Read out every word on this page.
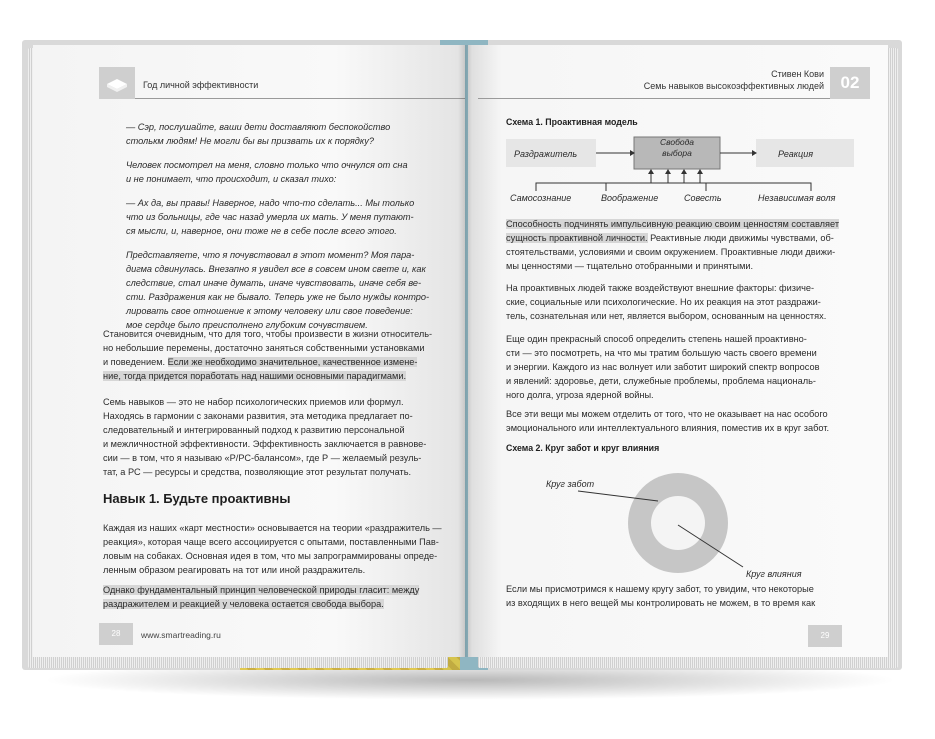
Год личной эффективности

— Сэр, послушайте, ваши дети доставляют беспокойство

столькм людям! Не могли бы вы призвать их к порядку?

Человек посмотрел на меня, словно только что очнулся от сна

и не понимает, что происходит, и сказал тихо:

— Ах да, вы правы! Наверное, надо что-то сделать... Мы только

что из больницы, где час назад умерла их мать. У меня путают-

ся мысли, и, наверное, они тоже не в себе после всего этого.

Представляете, что я почувствовал в этот момент? Моя пара-

дигма сдвинулась. Внезапно я увидел все в совсем ином свете и, как

следствие, стал иначе думать, иначе чувствовать, иначе себя ве-

сти. Раздражения как не бывало. Теперь уже не было нужды контро-

лировать свое отношение к этому человеку или свое поведение:

мое сердце было преисполнено глубоким сочувствием.

Становится очевидным, что для того, чтобы произвести в жизни относитель-

но небольшие перемены, достаточно заняться собственными установками

и поведением. Если же необходимо значительное, качественное измене-

ние, тогда придется поработать над нашими основными парадигмами.

Семь навыков — это не набор психологических приемов или формул.

Находясь в гармонии с законами развития, эта методика предлагает по-

следовательный и интегрированный подход к развитию персональной

и межличностной эффективности. Эффективность заключается в равнове-

сии — в том, что я называю «Р/РС-балансом», где Р — желаемый резуль-

тат, а РС — ресурсы и средства, позволяющие этот результат получать.

Навык 1. Будьте проактивны

Каждая из наших «карт местности» основывается на теории «раздражитель —

реакция», которая чаще всего ассоциируется с опытами, поставленными Пав-

ловым на собаках. Основная идея в том, что мы запрограммированы опреде-

ленным образом реагировать на тот или иной раздражитель.

Однако фундаментальный принцип человеческой природы гласит: между

раздражителем и реакцией у человека остается свобода выбора.

28	www.smartreading.ru
Стивен Кови
Семь навыков высокоэффективных людей 02
Схема 1. Проактивная модель
Раздражитель

Свобода

выбора	Реакция
Самосознание	Воображение	Совесть	Независимая воля

Способность подчинять импульсивную реакцию своим ценностям составляет

сущность проактивной личности. Реактивные люди движимы чувствами, об-

стоятельствами, условиями и своим окружением. Проактивные люди движи-

мы ценностями — тщательно отобранными и принятыми.

На проактивных людей также воздействуют внешние факторы: физиче-

ские, социальные или психологические. Но их реакция на этот раздражи-

тель, сознательная или нет, является выбором, основанным на ценностях.

Еще один прекрасный способ определить степень нашей проактивно-

сти — это посмотреть, на что мы тратим большую часть своего времени

и энергии. Каждого из нас волнует или заботит широкий спектр вопросов

и явлений: здоровье, дети, служебные проблемы, проблема националь-

ного долга, угроза ядерной войны.

Все эти вещи мы можем отделить от того, что не оказывает на нас особого

эмоционального или интеллектуального влияния, поместив их в круг забот.

Схема 2. Круг забот и круг влияния
Круг забот
Круг влияния

Если мы присмотримся к нашему кругу забот, то увидим, что некоторые

из входящих в него вещей мы контролировать не можем, в то время как

29
